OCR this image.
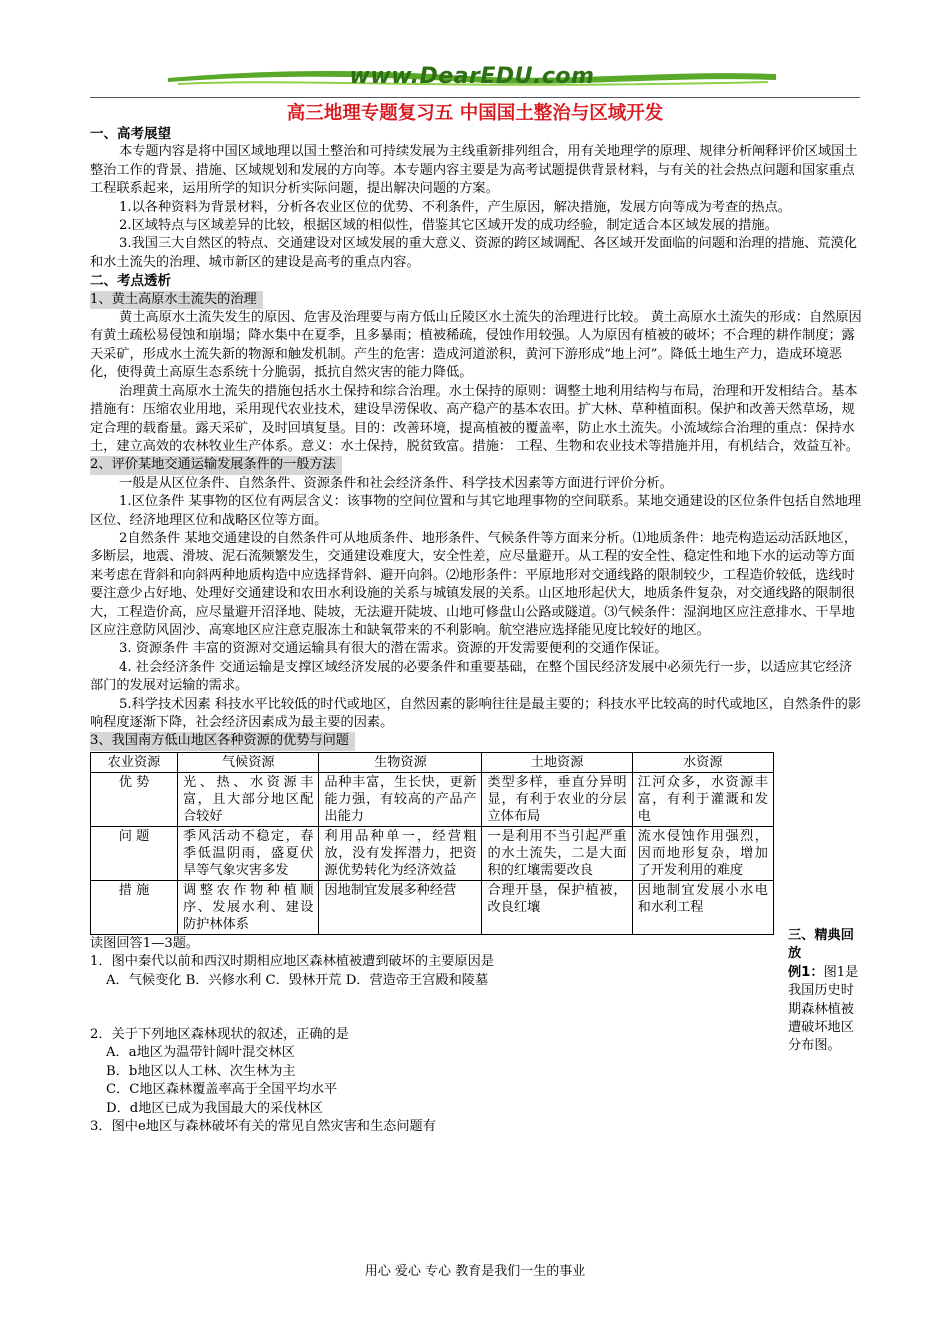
www.DearEDU.com
高三地理专题复习五 中国国土整治与区域开发

一、高考展望

本专题内容是将中国区域地理以国土整治和可持续发展为主线重新排列组合，用有关地理学的原理、规律分析阐释评价区域国土整治工作的背景、措施、区域规划和发展的方向等。本专题内容主要是为高考试题提供背景材料，与有关的社会热点问题和国家重点工程联系起来，运用所学的知识分析实际问题，提出解决问题的方案。

1.以各种资料为背景材料，分析各农业区位的优势、不利条件，产生原因，解决措施，发展方向等成为考查的热点。

2.区域特点与区域差异的比较，根据区域的相似性，借鉴其它区域开发的成功经验，制定适合本区域发展的措施。

3.我国三大自然区的特点、交通建设对区域发展的重大意义、资源的跨区域调配、各区域开发面临的问题和治理的措施、荒漠化和水土流失的治理、城市新区的建设是高考的重点内容。

二、考点透析

1、黄土高原水土流失的治理

黄土高原水土流失发生的原因、危害及治理要与南方低山丘陵区水土流失的治理进行比较。 黄土高原水土流失的形成：自然原因有黄土疏松易侵蚀和崩塌；降水集中在夏季，且多暴雨；植被稀疏，侵蚀作用较强。人为原因有植被的破坏；不合理的耕作制度；露天采矿，形成水土流失新的物源和触发机制。产生的危害：造成河道淤积，黄河下游形成“地上河”。降低土地生产力，造成环境恶化，使得黄土高原生态系统十分脆弱，抵抗自然灾害的能力降低。

治理黄土高原水土流失的措施包括水土保持和综合治理。水土保持的原则：调整土地利用结构与布局，治理和开发相结合。基本措施有：压缩农业用地，采用现代农业技术，建设旱涝保收、高产稳产的基本农田。扩大林、草种植面积。保护和改善天然草场，规定合理的载畜量。露天采矿，及时回填复垦。目的：改善环境，提高植被的覆盖率，防止水土流失。小流域综合治理的重点：保持水土，建立高效的农林牧业生产体系。意义：水土保持，脱贫致富。措施： 工程、生物和农业技术等措施并用，有机结合，效益互补。

2、评价某地交通运输发展条件的一般方法

一般是从区位条件、自然条件、资源条件和社会经济条件、科学技术因素等方面进行评价分析。

1.区位条件 某事物的区位有两层含义：该事物的空间位置和与其它地理事物的空间联系。某地交通建设的区位条件包括自然地理区位、经济地理区位和战略区位等方面。

2自然条件 某地交通建设的自然条件可从地质条件、地形条件、气候条件等方面来分析。⑴地质条件：地壳构造运动活跃地区，多断层，地震、滑坡、泥石流频繁发生，交通建设难度大，安全性差，应尽量避开。从工程的安全性、稳定性和地下水的运动等方面来考虑在背斜和向斜两种地质构造中应选择背斜、避开向斜。⑵地形条件：平原地形对交通线路的限制较少，工程造价较低，选线时要注意少占好地、处理好交通建设和农田水利设施的关系与城镇发展的关系。山区地形起伏大，地质条件复杂，对交通线路的限制很大，工程造价高，应尽量避开沼泽地、陡坡，无法避开陡坡、山地可修盘山公路或隧道。⑶气候条件：湿润地区应注意排水、干旱地区应注意防风固沙、高寒地区应注意克服冻土和缺氧带来的不利影响。航空港应选择能见度比较好的地区。

3. 资源条件 丰富的资源对交通运输具有很大的潜在需求。资源的开发需要便利的交通作保证。

4. 社会经济条件 交通运输是支撑区域经济发展的必要条件和重要基础，在整个国民经济发展中必须先行一步，以适应其它经济部门的发展对运输的需求。

5.科学技术因素 科技水平比较低的时代或地区，自然因素的影响往往是最主要的；科技水平比较高的时代或地区，自然条件的影响程度逐渐下降，社会经济因素成为最主要的因素。

3、我国南方低山地区各种资源的优势与问题

农业资源	气候资源	生物资源	土地资源	水资源
优 势	光、热、水资源丰富，且大部分地区配合较好	品种丰富，生长快，更新能力强，有较高的产品产出能力	类型多样，垂直分异明显，有利于农业的分层立体布局	江河众多，水资源丰富，有利于灌溉和发电
问 题	季风活动不稳定，春季低温阴雨，盛夏伏旱等气象灾害多发	利用品种单一，经营粗放，没有发挥潜力，把资源优势转化为经济效益	一是利用不当引起严重的水土流失，二是大面积的红壤需要改良	流水侵蚀作用强烈，因而地形复杂，增加了开发利用的难度
措 施	调整农作物种植顺序、发展水利、建设防护林体系	因地制宜发展多种经营	合理开垦，保护植被，改良红壤	因地制宜发展小水电和水利工程

读图回答1—3题。

1．图中秦代以前和西汉时期相应地区森林植被遭到破坏的主要原因是

A．气候变化 B．兴修水利 C．毁林开荒 D．营造帝王宫殿和陵墓

2．关于下列地区森林现状的叙述，正确的是

A．a地区为温带针阔叶混交林区

B．b地区以人工林、次生林为主

C．C地区森林覆盖率高于全国平均水平

D．d地区已成为我国最大的采伐林区

3．图中e地区与森林破坏有关的常见自然灾害和生态问题有

三、精典回放
例1：图1是我国历史时期森林植被遭破坏地区分布图。
用心 爱心 专心 教育是我们一生的事业
